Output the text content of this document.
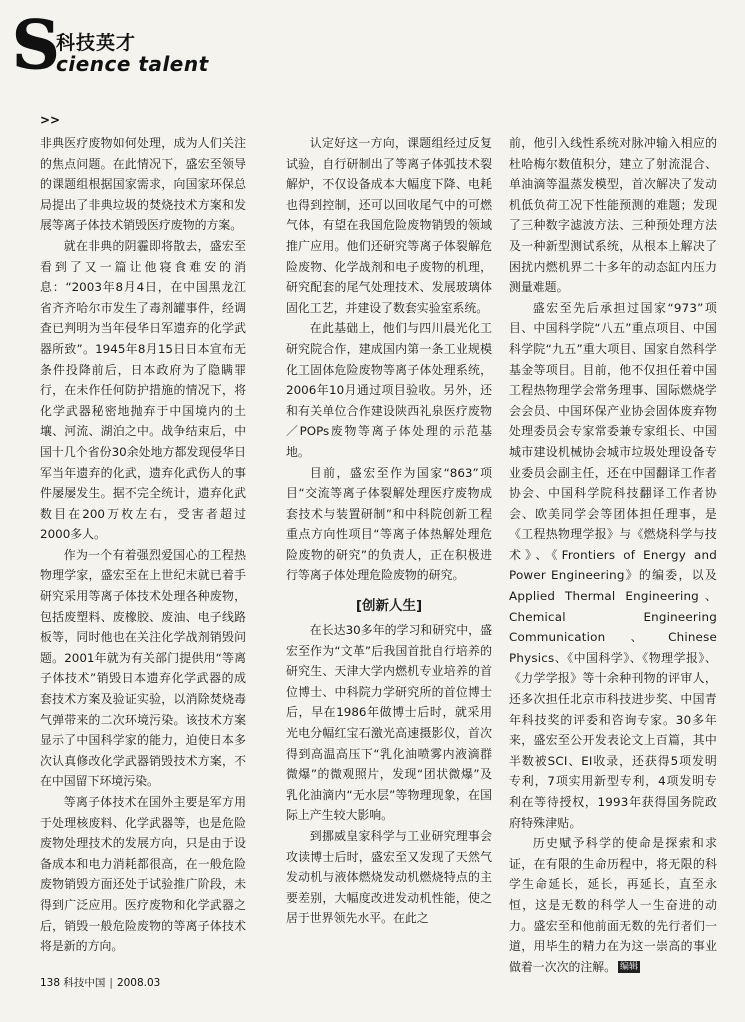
S
科技英才
cience talent
>>

非典医疗废物如何处理，成为人们关注的焦点问题。在此情况下，盛宏至领导的课题组根据国家需求，向国家环保总局提出了非典垃圾的焚烧技术方案和发展等离子体技术销毁医疗废物的方案。

就在非典的阴霾即将散去，盛宏至看到了又一篇让他寝食难安的消息：“2003年8月4日，在中国黑龙江省齐齐哈尔市发生了毒剂罐事件，经调查已判明为当年侵华日军遗弃的化学武器所致”。1945年8月15日日本宣布无条件投降前后，日本政府为了隐瞒罪行，在未作任何防护措施的情况下，将化学武器秘密地抛弃于中国境内的土壤、河流、湖泊之中。战争结束后，中国十几个省份30余处地方都发现侵华日军当年遗弃的化武，遗弃化武伤人的事件屡屡发生。据不完全统计，遗弃化武数目在200万枚左右，受害者超过2000多人。

作为一个有着强烈爱国心的工程热物理学家，盛宏至在上世纪末就已着手研究采用等离子体技术处理各种废物，包括废塑料、废橡胶、废油、电子线路板等，同时他也在关注化学战剂销毁问题。2001年就为有关部门提供用“等离子体技术”销毁日本遗弃化学武器的成套技术方案及验证实验，以消除焚烧毒气弹带来的二次环境污染。该技术方案显示了中国科学家的能力，迫使日本多次认真修改化学武器销毁技术方案，不在中国留下环境污染。

等离子体技术在国外主要是军方用于处理核废料、化学武器等，也是危险废物处理技术的发展方向，只是由于设备成本和电力消耗都很高，在一般危险废物销毁方面还处于试验推广阶段，未得到广泛应用。医疗废物和化学武器之后，销毁一般危险废物的等离子体技术将是新的方向。

认定好这一方向，课题组经过反复试验，自行研制出了等离子体弧技术裂解炉，不仅设备成本大幅度下降、电耗也得到控制，还可以回收尾气中的可燃气体，有望在我国危险废物销毁的领域推广应用。他们还研究等离子体裂解危险废物、化学战剂和电子废物的机理，研究配套的尾气处理技术、发展玻璃体固化工艺，并建设了数套实验室系统。

在此基础上，他们与四川晨光化工研究院合作，建成国内第一条工业规模化工固体危险废物等离子体处理系统，2006年10月通过项目验收。另外，还和有关单位合作建设陕西礼泉医疗废物／POPs废物等离子体处理的示范基地。

目前，盛宏至作为国家“863”项目“交流等离子体裂解处理医疗废物成套技术与装置研制”和中科院创新工程重点方向性项目“等离子体热解处理危险废物的研究”的负责人，正在积极进行等离子体处理危险废物的研究。

[创新人生]

在长达30多年的学习和研究中，盛宏至作为“文革”后我国首批自行培养的研究生、天津大学内燃机专业培养的首位博士、中科院力学研究所的首位博士后，早在1986年做博士后时，就采用光电分幅红宝石激光高速摄影仪，首次得到高温高压下“乳化油喷雾内液滴群微爆”的微观照片，发现“团状微爆”及乳化油滴内“无水层”等物理现象，在国际上产生较大影响。

到挪威皇家科学与工业研究理事会攻读博士后时，盛宏至又发现了天然气发动机与液体燃烧发动机燃烧特点的主要差别，大幅度改进发动机性能，使之居于世界领先水平。在此之

前，他引入线性系统对脉冲输入相应的杜哈梅尔数值积分，建立了射流混合、单油滴等温蒸发模型，首次解决了发动机低负荷工况下性能预测的难题；发现了三种数字滤波方法、三种预处理方法及一种新型测试系统，从根本上解决了困扰内燃机界二十多年的动态缸内压力测量难题。

盛宏至先后承担过国家“973”项目、中国科学院“八五”重点项目、中国科学院“九五”重大项目、国家自然科学基金等项目。目前，他不仅担任着中国工程热物理学会常务理事、国际燃烧学会会员、中国环保产业协会固体废弃物处理委员会专家常委兼专家组长、中国城市建设机械协会城市垃圾处理设备专业委员会副主任，还在中国翻译工作者协会、中国科学院科技翻译工作者协会、欧美同学会等团体担任理事，是《工程热物理学报》与《燃烧科学与技术》、《Frontiers of Energy and Power Engineering》的编委，以及Applied Thermal Engineering、Chemical Engineering Communication、Chinese Physics、《中国科学》、《物理学报》、《力学学报》等十余种刊物的评审人，还多次担任北京市科技进步奖、中国青年科技奖的评委和咨询专家。30多年来，盛宏至公开发表论文上百篇，其中半数被SCI、EI收录，还获得5项发明专利，7项实用新型专利，4项发明专利在等待授权，1993年获得国务院政府特殊津贴。

历史赋予科学的使命是探索和求证，在有限的生命历程中，将无限的科学生命延长，延长，再延长，直至永恒，这是无数的科学人一生奋进的动力。盛宏至和他前面无数的先行者们一道，用毕生的精力在为这一崇高的事业做着一次次的注解。 编辑

138 科技中国 | 2008.03
